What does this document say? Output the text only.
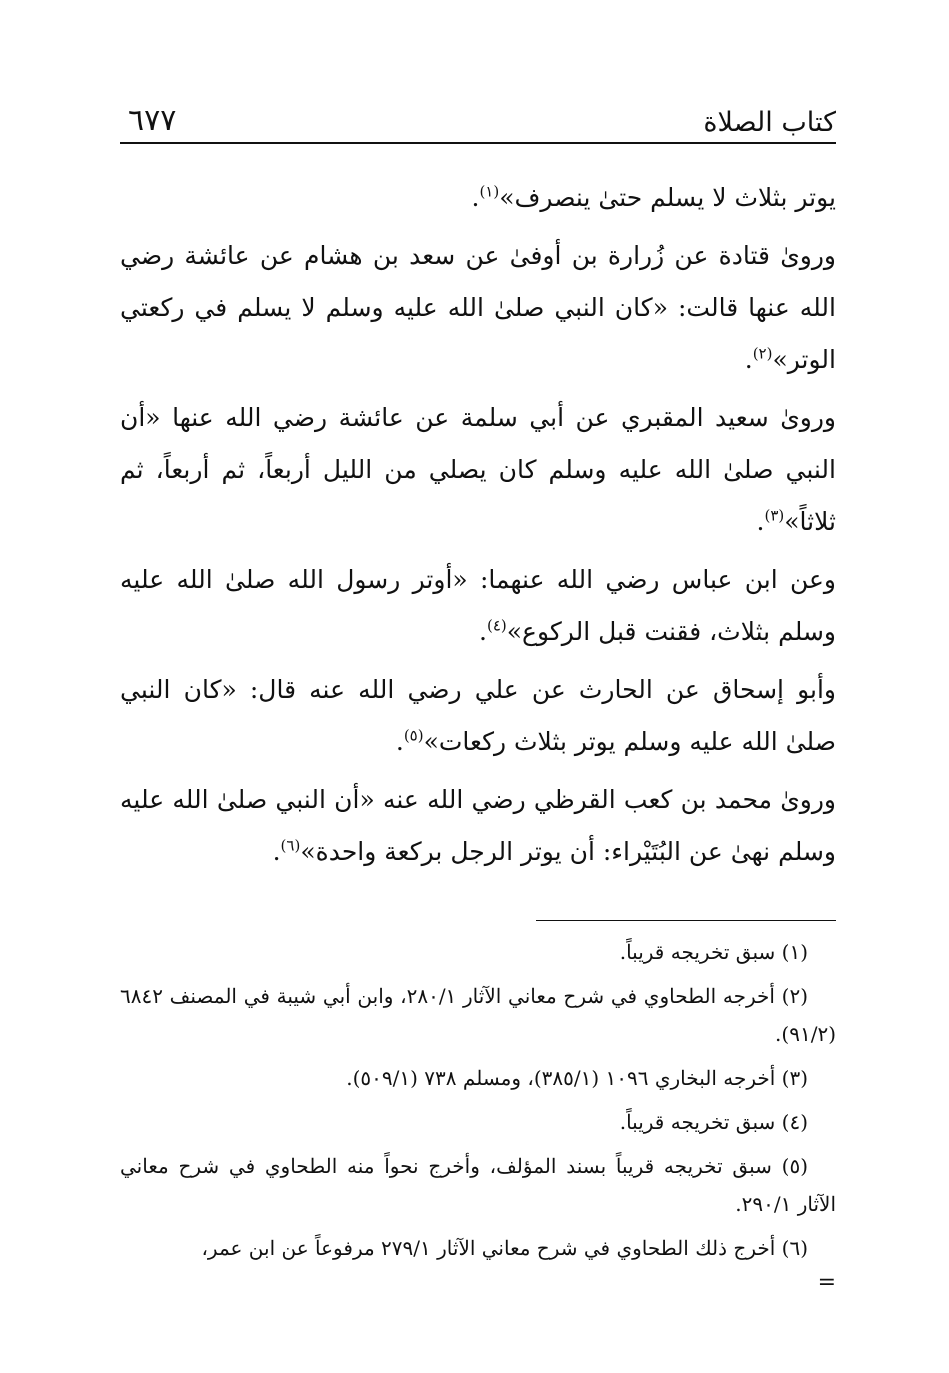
كتاب الصلاة
٦٧٧

يوتر بثلاث لا يسلم حتىٰ ينصرف»$^{(١)}$.

وروىٰ قتادة عن زُرارة بن أوفىٰ عن سعد بن هشام عن عائشة رضي الله عنها قالت: «كان النبي صلىٰ الله عليه وسلم لا يسلم في ركعتي الوتر»$^{(٢)}$.

وروىٰ سعيد المقبري عن أبي سلمة عن عائشة رضي الله عنها «أن النبي صلىٰ الله عليه وسلم كان يصلي من الليل أربعاً، ثم أربعاً، ثم ثلاثاً»$^{(٣)}$.

وعن ابن عباس رضي الله عنهما: «أوتر رسول الله صلىٰ الله عليه وسلم بثلاث، فقنت قبل الركوع»$^{(٤)}$.

وأبو إسحاق عن الحارث عن علي رضي الله عنه قال: «كان النبي صلىٰ الله عليه وسلم يوتر بثلاث ركعات»$^{(٥)}$.

وروىٰ محمد بن كعب القرظي رضي الله عنه «أن النبي صلىٰ الله عليه وسلم نهىٰ عن البُتَيْراء: أن يوتر الرجل بركعة واحدة»$^{(٦)}$.

(١) سبق تخريجه قريباً.

(٢) أخرجه الطحاوي في شرح معاني الآثار ٢٨٠/١، وابن أبي شيبة في المصنف ٦٨٤٢ (٩١/٢).

(٣) أخرجه البخاري ١٠٩٦ (٣٨٥/١)، ومسلم ٧٣٨ (٥٠٩/١).

(٤) سبق تخريجه قريباً.

(٥) سبق تخريجه قريباً بسند المؤلف، وأخرج نحواً منه الطحاوي في شرح معاني الآثار ٢٩٠/١.

(٦) أخرج ذلك الطحاوي في شرح معاني الآثار ٢٧٩/١ مرفوعاً عن ابن عمر،

=
